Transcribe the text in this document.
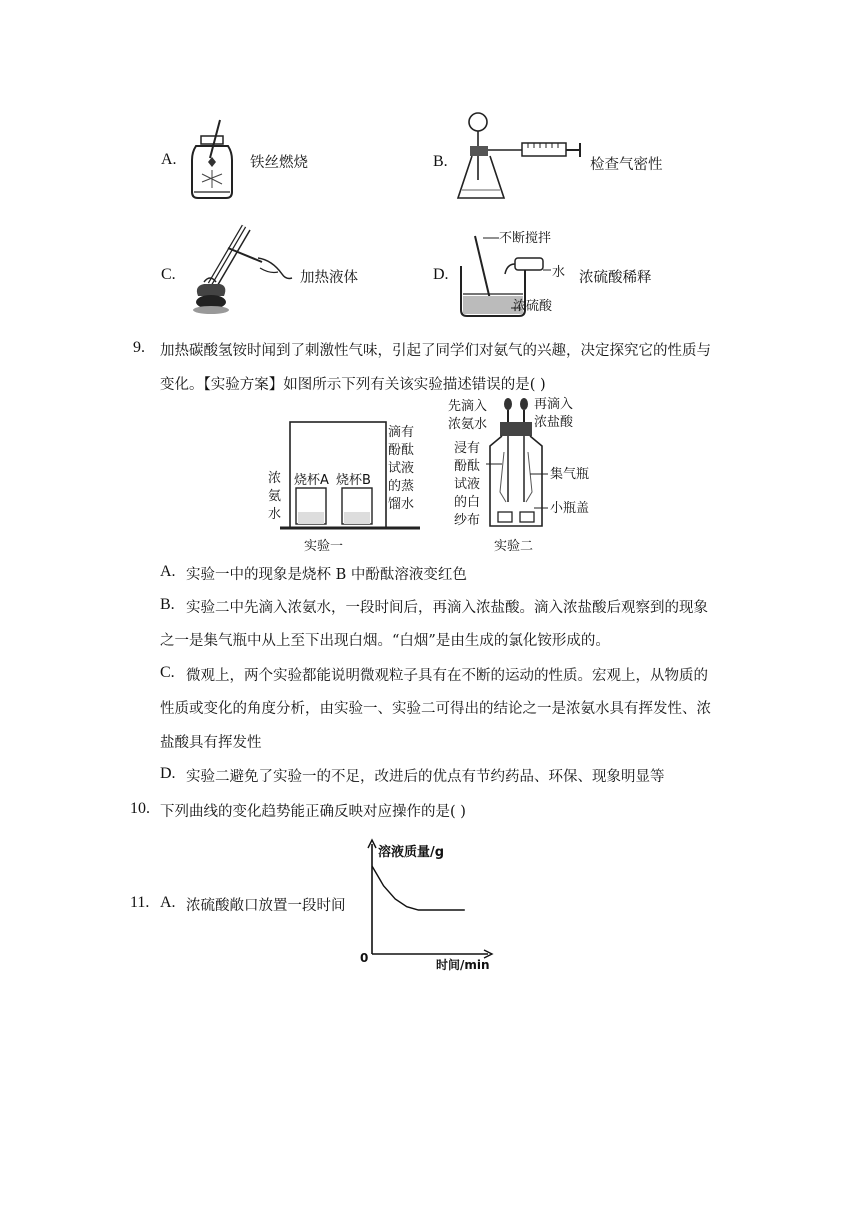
A.	铁丝燃烧	B.	检查气密性
C.	加热液体	D.
不断搅拌
水
浓硫酸
浓硫酸稀释
9. 加热碳酸氢铵时闻到了刺激性气味，引起了同学们对氨气的兴趣，决定探究它的性质与
变化。【实验方案】如图所示下列有关该实验描述错误的是( )
烧杯A 烧杯B
浓
氨
水
滴有
酚酞
试液
的蒸
馏水
实验一
先滴入
浓氨水
再滴入
浓盐酸
浸有
酚酞
试液
的白
纱布
集气瓶
小瓶盖
实验二
A. 实验一中的现象是烧杯 B 中酚酞溶液变红色
B. 实验二中先滴入浓氨水，一段时间后，再滴入浓盐酸。滴入浓盐酸后观察到的现象
之一是集气瓶中从上至下出现白烟。“白烟”是由生成的氯化铵形成的。
C. 微观上，两个实验都能说明微观粒子具有在不断的运动的性质。宏观上，从物质的
性质或变化的角度分析，由实验一、实验二可得出的结论之一是浓氨水具有挥发性、浓
盐酸具有挥发性
D. 实验二避免了实验一的不足，改进后的优点有节约药品、环保、现象明显等
10. 下列曲线的变化趋势能正确反映对应操作的是( )
11. A. 浓硫酸敞口放置一段时间
溶液质量/g
时间/min
0
